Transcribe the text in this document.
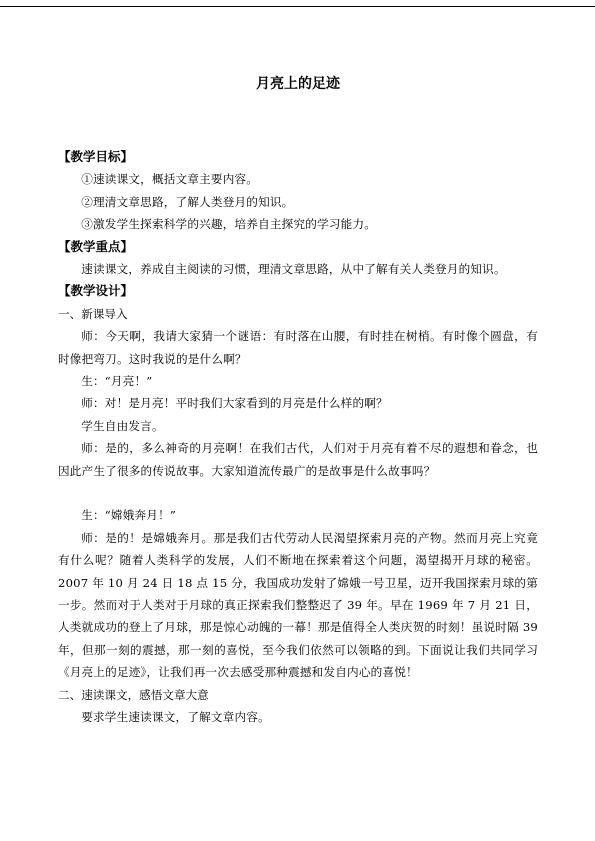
月亮上的足迹
【教学目标】
①速读课文，概括文章主要内容。
②理清文章思路，了解人类登月的知识。
③激发学生探索科学的兴趣，培养自主探究的学习能力。
【教学重点】
速读课文，养成自主阅读的习惯，理清文章思路，从中了解有关人类登月的知识。
【教学设计】
一、新课导入
师：今天啊，我请大家猜一个谜语：有时落在山腰，有时挂在树梢。有时像个圆盘，有时像把弯刀。这时我说的是什么啊？
生：“月亮！”
师：对！是月亮！平时我们大家看到的月亮是什么样的啊？
学生自由发言。
师：是的，多么神奇的月亮啊！在我们古代，人们对于月亮有着不尽的遐想和眷念，也因此产生了很多的传说故事。大家知道流传最广的是故事是什么故事吗？
生：“嫦娥奔月！”
师：是的！是嫦娥奔月。那是我们古代劳动人民渴望探索月亮的产物。然而月亮上究竟有什么呢？随着人类科学的发展，人们不断地在探索着这个问题，渴望揭开月球的秘密。2007 年 10 月 24 日 18 点 15 分，我国成功发射了嫦娥一号卫星，迈开我国探索月球的第一步。然而对于人类对于月球的真正探索我们整整迟了 39 年。早在 1969 年 7 月 21 日，人类就成功的登上了月球，那是惊心动魄的一幕！那是值得全人类庆贺的时刻！虽说时隔 39 年，但那一刻的震撼，那一刻的喜悦，至今我们依然可以领略的到。下面说让我们共同学习《月亮上的足迹》，让我们再一次去感受那种震撼和发自内心的喜悦！
二、速读课文，感悟文章大意
要求学生速读课文，了解文章内容。
